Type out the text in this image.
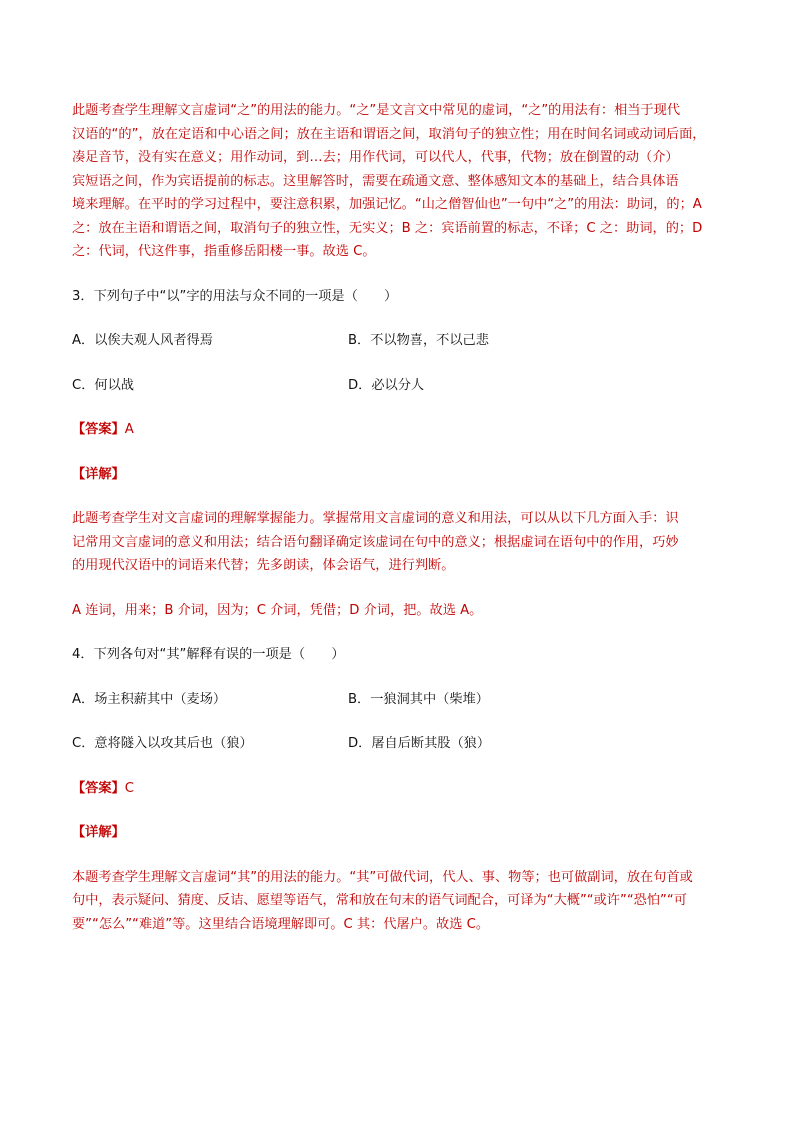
此题考查学生理解文言虚词“之”的用法的能力。“之”是文言文中常见的虚词，“之”的用法有：相当于现代

汉语的“的”，放在定语和中心语之间；放在主语和谓语之间，取消句子的独立性；用在时间名词或动词后面，

凑足音节，没有实在意义；用作动词，到…去；用作代词，可以代人，代事，代物；放在倒置的动（介）

宾短语之间，作为宾语提前的标志。这里解答时，需要在疏通文意、整体感知文本的基础上，结合具体语

境来理解。在平时的学习过程中，要注意积累，加强记忆。“山之僧智仙也”一句中“之”的用法：助词，的；A

之：放在主语和谓语之间，取消句子的独立性，无实义；B 之：宾语前置的标志，不译；C 之：助词，的；D

之：代词，代这件事，指重修岳阳楼一事。故选 C。

3．下列句子中“以”字的用法与众不同的一项是（　　）

A．以俟夫观人风者得焉	B．不以物喜，不以己悲
C．何以战	D．必以分人

【答案】A

【详解】

此题考查学生对文言虚词的理解掌握能力。掌握常用文言虚词的意义和用法，可以从以下几方面入手：识

记常用文言虚词的意义和用法；结合语句翻译确定该虚词在句中的意义；根据虚词在语句中的作用，巧妙

的用现代汉语中的词语来代替；先多朗读，体会语气，进行判断。

A 连词，用来；B 介词，因为；C 介词，凭借；D 介词，把。故选 A。

4．下列各句对“其”解释有误的一项是（　　）

A．场主积薪其中（麦场）	B．一狼洞其中（柴堆）
C．意将隧入以攻其后也（狼）	D．屠自后断其股（狼）

【答案】C

【详解】

本题考查学生理解文言虚词“其”的用法的能力。“其”可做代词，代人、事、物等；也可做副词，放在句首或

句中，表示疑问、猜度、反诘、愿望等语气，常和放在句末的语气词配合，可译为“大概”“或许”“恐怕”“可

要”“怎么”“难道”等。这里结合语境理解即可。C 其：代屠户。故选 C。
